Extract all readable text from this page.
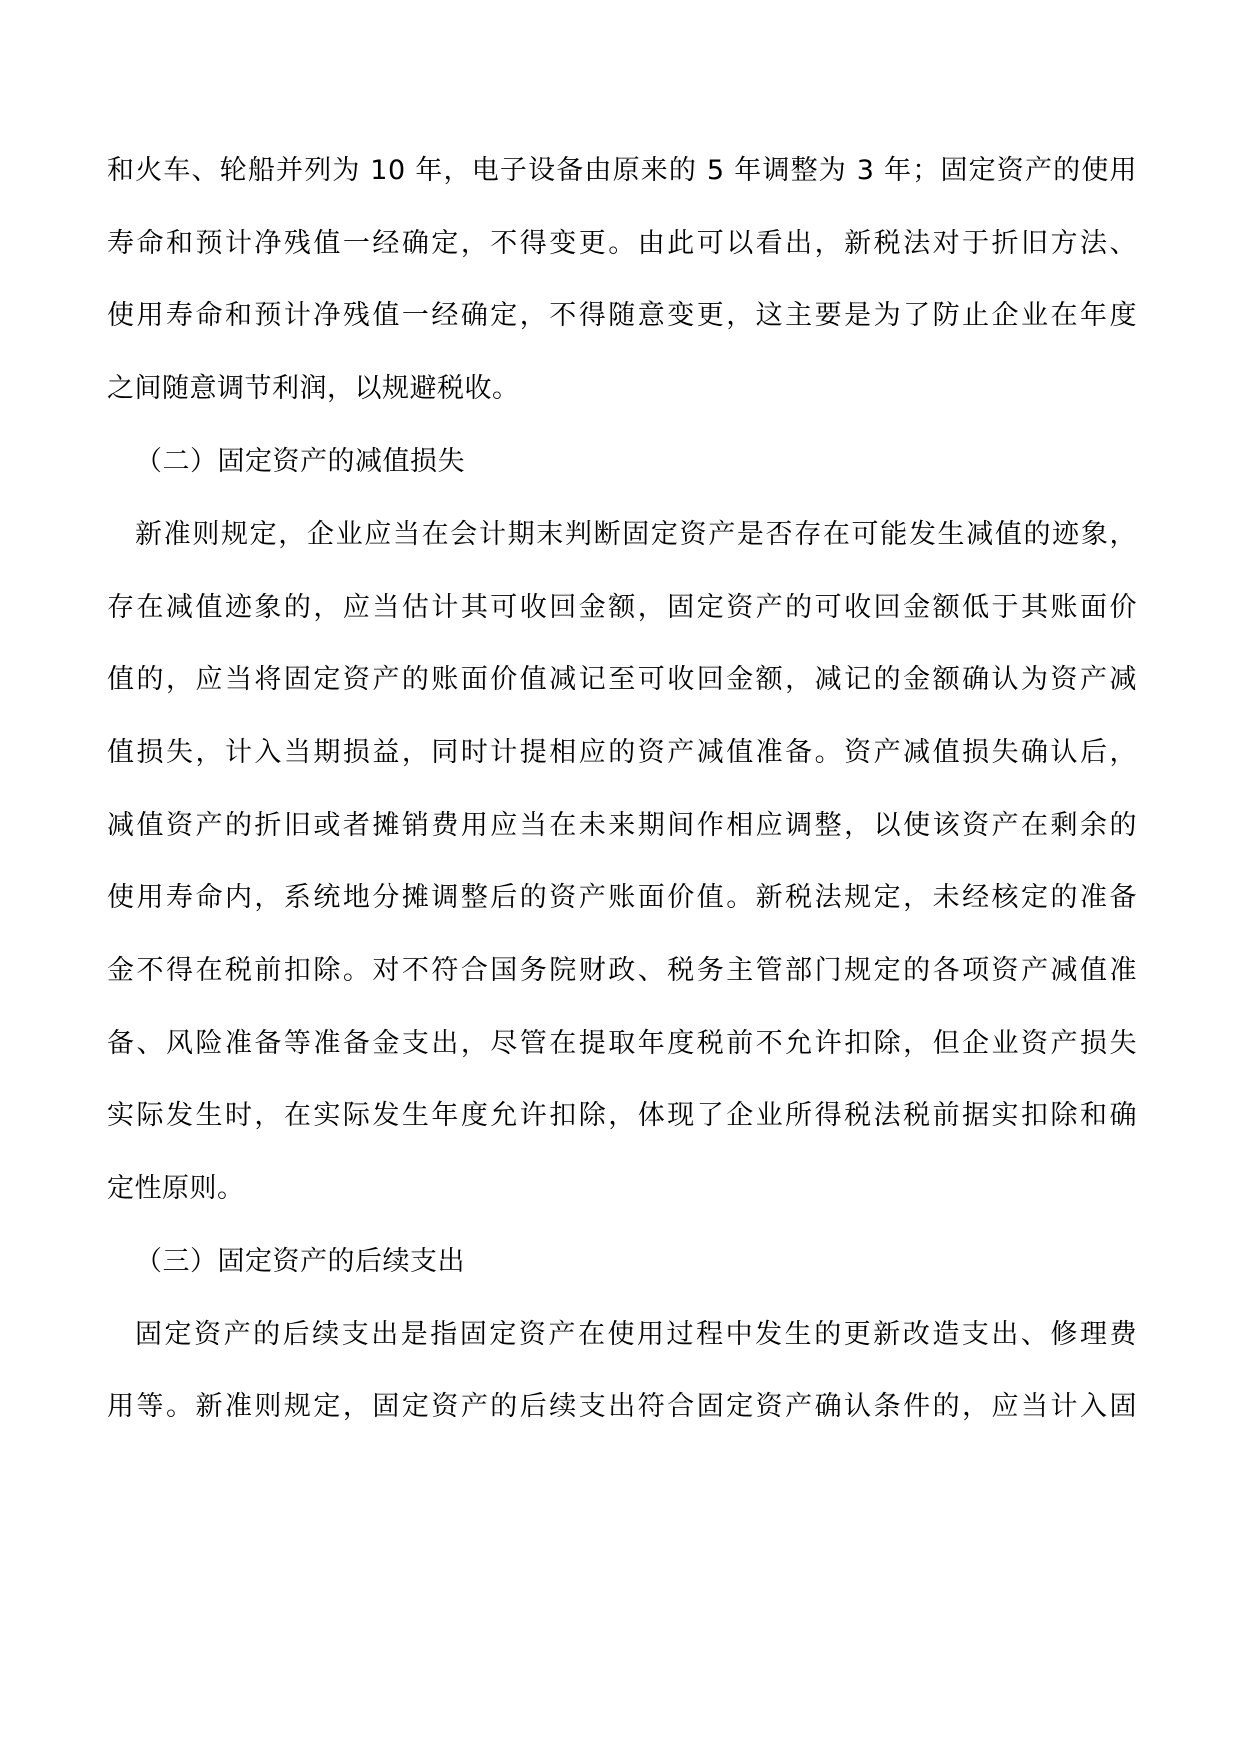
和火车、轮船并列为 10 年，电子设备由原来的 5 年调整为 3 年；固定资产的使用
寿命和预计净残值一经确定，不得变更。由此可以看出，新税法对于折旧方法、
使用寿命和预计净残值一经确定，不得随意变更，这主要是为了防止企业在年度
之间随意调节利润，以规避税收。
（二）固定资产的减值损失
新准则规定，企业应当在会计期末判断固定资产是否存在可能发生减值的迹象，
存在减值迹象的，应当估计其可收回金额，固定资产的可收回金额低于其账面价
值的，应当将固定资产的账面价值减记至可收回金额，减记的金额确认为资产减
值损失，计入当期损益，同时计提相应的资产减值准备。资产减值损失确认后，
减值资产的折旧或者摊销费用应当在未来期间作相应调整，以使该资产在剩余的
使用寿命内，系统地分摊调整后的资产账面价值。新税法规定，未经核定的准备
金不得在税前扣除。对不符合国务院财政、税务主管部门规定的各项资产减值准
备、风险准备等准备金支出，尽管在提取年度税前不允许扣除，但企业资产损失
实际发生时，在实际发生年度允许扣除，体现了企业所得税法税前据实扣除和确
定性原则。
（三）固定资产的后续支出
固定资产的后续支出是指固定资产在使用过程中发生的更新改造支出、修理费
用等。新准则规定，固定资产的后续支出符合固定资产确认条件的，应当计入固
